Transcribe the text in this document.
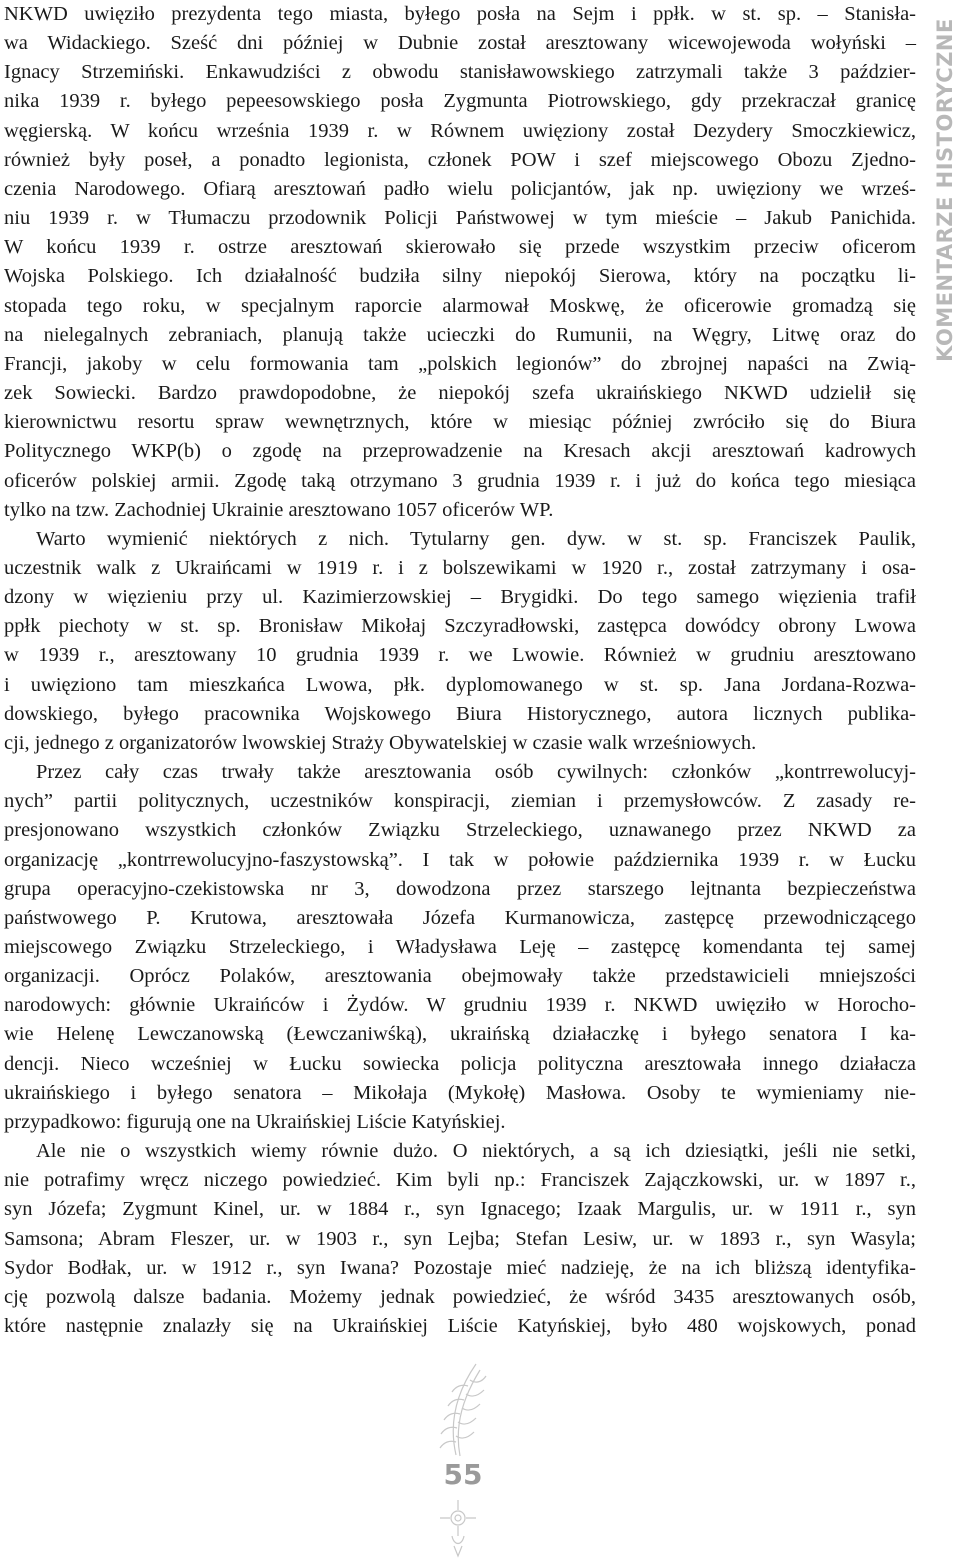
NKWD uwięziło prezydenta tego miasta, byłego posła na Sejm i ppłk. w st. sp. – Stanisła-
wa Widackiego. Sześć dni później w Dubnie został aresztowany wicewojewoda wołyński –
Ignacy Strzemiński. Enkawudziści z obwodu stanisławowskiego zatrzymali także 3 paździer-
nika 1939 r. byłego pepeesowskiego posła Zygmunta Piotrowskiego, gdy przekraczał granicę
węgierską. W końcu września 1939 r. w Równem uwięziony został Dezydery Smoczkiewicz,
również były poseł, a ponadto legionista, członek POW i szef miejscowego Obozu Zjedno-
czenia Narodowego. Ofiarą aresztowań padło wielu policjantów, jak np. uwięziony we wrześ-
niu 1939 r. w Tłumaczu przodownik Policji Państwowej w tym mieście – Jakub Panichida.
W końcu 1939 r. ostrze aresztowań skierowało się przede wszystkim przeciw oficerom
Wojska Polskiego. Ich działalność budziła silny niepokój Sierowa, który na początku li-
stopada tego roku, w specjalnym raporcie alarmował Moskwę, że oficerowie gromadzą się
na nielegalnych zebraniach, planują także ucieczki do Rumunii, na Węgry, Litwę oraz do
Francji, jakoby w celu formowania tam „polskich legionów” do zbrojnej napaści na Zwią-
zek Sowiecki. Bardzo prawdopodobne, że niepokój szefa ukraińskiego NKWD udzielił się
kierownictwu resortu spraw wewnętrznych, które w miesiąc później zwróciło się do Biura
Politycznego WKP(b) o zgodę na przeprowadzenie na Kresach akcji aresztowań kadrowych
oficerów polskiej armii. Zgodę taką otrzymano 3 grudnia 1939 r. i już do końca tego miesiąca
tylko na tzw. Zachodniej Ukrainie aresztowano 1057 oficerów WP.

Warto wymienić niektórych z nich. Tytularny gen. dyw. w st. sp. Franciszek Paulik,
uczestnik walk z Ukraińcami w 1919 r. i z bolszewikami w 1920 r., został zatrzymany i osa-
dzony w więzieniu przy ul. Kazimierzowskiej – Brygidki. Do tego samego więzienia trafił
ppłk piechoty w st. sp. Bronisław Mikołaj Szczyradłowski, zastępca dowódcy obrony Lwowa
w 1939 r., aresztowany 10 grudnia 1939 r. we Lwowie. Również w grudniu aresztowano
i uwięziono tam mieszkańca Lwowa, płk. dyplomowanego w st. sp. Jana Jordana-Rozwa-
dowskiego, byłego pracownika Wojskowego Biura Historycznego, autora licznych publika-
cji, jednego z organizatorów lwowskiej Straży Obywatelskiej w czasie walk wrześniowych.

Przez cały czas trwały także aresztowania osób cywilnych: członków „kontrrewolucyj-
nych” partii politycznych, uczestników konspiracji, ziemian i przemysłowców. Z zasady re-
presjonowano wszystkich członków Związku Strzeleckiego, uznawanego przez NKWD za
organizację „kontrrewolucyjno-faszystowską”. I tak w połowie października 1939 r. w Łucku
grupa operacyjno-czekistowska nr 3, dowodzona przez starszego lejtnanta bezpieczeństwa
państwowego P. Krutowa, aresztowała Józefa Kurmanowicza, zastępcę przewodniczącego
miejscowego Związku Strzeleckiego, i Władysława Leję – zastępcę komendanta tej samej
organizacji. Oprócz Polaków, aresztowania obejmowały także przedstawicieli mniejszości
narodowych: głównie Ukraińców i Żydów. W grudniu 1939 r. NKWD uwięziło w Horocho-
wie Helenę Lewczanowską (Łewczaniwśką), ukraińską działaczkę i byłego senatora I ka-
dencji. Nieco wcześniej w Łucku sowiecka policja polityczna aresztowała innego działacza
ukraińskiego i byłego senatora – Mikołaja (Mykołę) Masłowa. Osoby te wymieniamy nie-
przypadkowo: figurują one na Ukraińskiej Liście Katyńskiej.

Ale nie o wszystkich wiemy równie dużo. O niektórych, a są ich dziesiątki, jeśli nie setki,
nie potrafimy wręcz niczego powiedzieć. Kim byli np.: Franciszek Zajączkowski, ur. w 1897 r.,
syn Józefa; Zygmunt Kinel, ur. w 1884 r., syn Ignacego; Izaak Margulis, ur. w 1911 r., syn
Samsona; Abram Fleszer, ur. w 1903 r., syn Lejba; Stefan Lesiw, ur. w 1893 r., syn Wasyla;
Sydor Bodłak, ur. w 1912 r., syn Iwana? Pozostaje mieć nadzieję, że na ich bliższą identyfika-
cję pozwolą dalsze badania. Możemy jednak powiedzieć, że wśród 3435 aresztowanych osób,
które następnie znalazły się na Ukraińskiej Liście Katyńskiej, było 480 wojskowych, ponad

KOMENTARZE HISTORYCZNE
55
